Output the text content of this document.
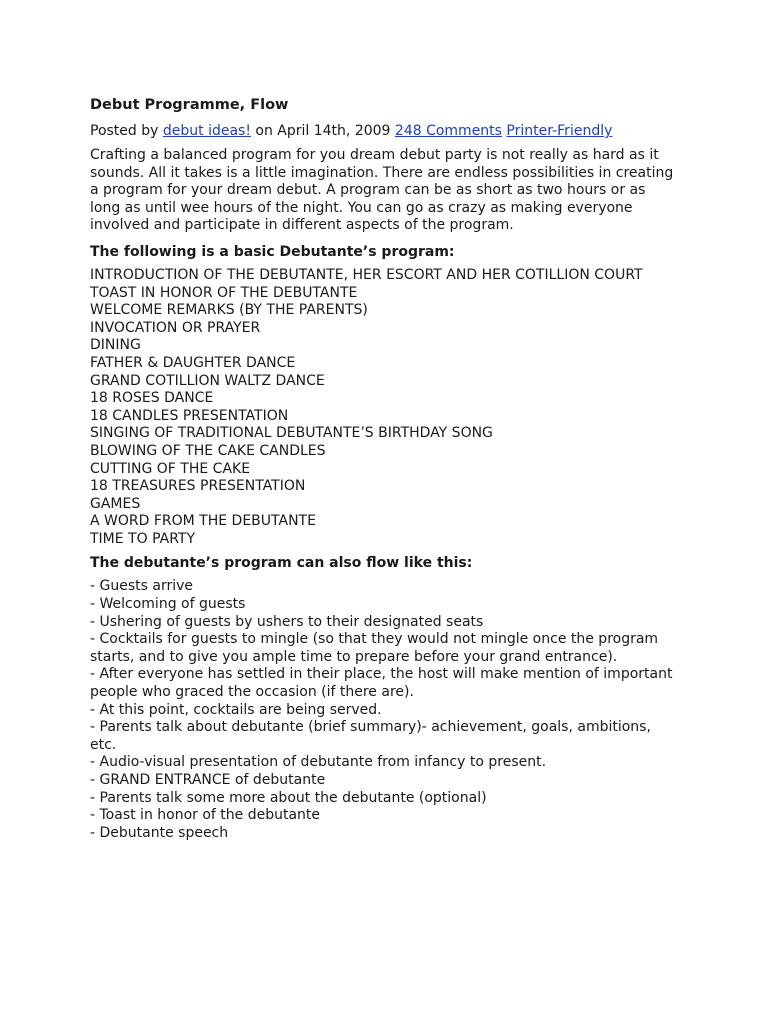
Debut Programme, Flow
Posted by debut ideas! on April 14th, 2009 248 Comments Printer-Friendly
Crafting a balanced program for you dream debut party is not really as hard as it sounds. All it takes is a little imagination. There are endless possibilities in creating a program for your dream debut. A program can be as short as two hours or as long as until wee hours of the night. You can go as crazy as making everyone involved and participate in different aspects of the program.
The following is a basic Debutante’s program:
INTRODUCTION OF THE DEBUTANTE, HER ESCORT AND HER COTILLION COURT
TOAST IN HONOR OF THE DEBUTANTE
WELCOME REMARKS (BY THE PARENTS)
INVOCATION OR PRAYER
DINING
FATHER & DAUGHTER DANCE
GRAND COTILLION WALTZ DANCE
18 ROSES DANCE
18 CANDLES PRESENTATION
SINGING OF TRADITIONAL DEBUTANTE’S BIRTHDAY SONG
BLOWING OF THE CAKE CANDLES
CUTTING OF THE CAKE
18 TREASURES PRESENTATION
GAMES
A WORD FROM THE DEBUTANTE
TIME TO PARTY
The debutante’s program can also flow like this:
- Guests arrive
- Welcoming of guests
- Ushering of guests by ushers to their designated seats
- Cocktails for guests to mingle (so that they would not mingle once the program starts, and to give you ample time to prepare before your grand entrance).
- After everyone has settled in their place, the host will make mention of important people who graced the occasion (if there are).
- At this point, cocktails are being served.
- Parents talk about debutante (brief summary)- achievement, goals, ambitions, etc.
- Audio-visual presentation of debutante from infancy to present.
- GRAND ENTRANCE of debutante
- Parents talk some more about the debutante (optional)
- Toast in honor of the debutante
- Debutante speech
